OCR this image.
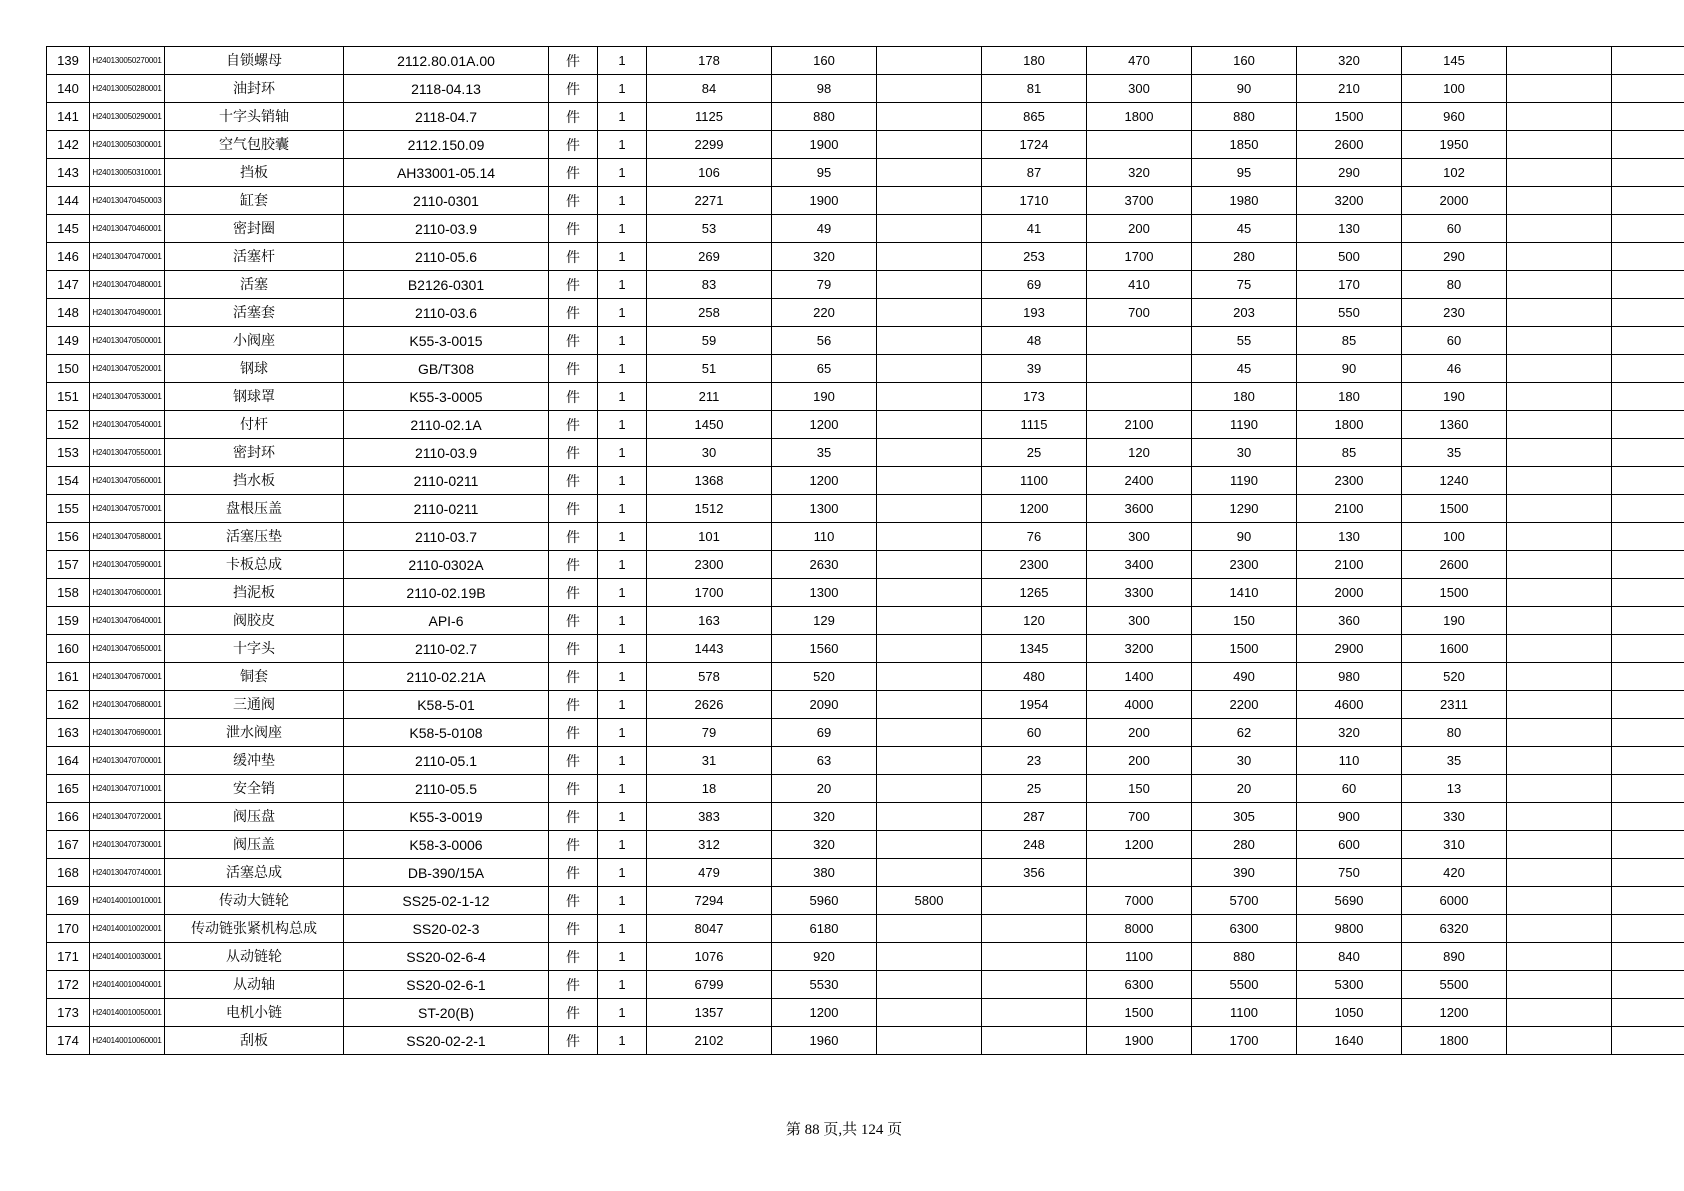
139	H240130050270001	自锁螺母	2112.80.01A.00	件	1	178	160		180	470	160	320	145		
140	H240130050280001	油封环	2118-04.13	件	1	84	98		81	300	90	210	100		
141	H240130050290001	十字头销轴	2118-04.7	件	1	1125	880		865	1800	880	1500	960		
142	H240130050300001	空气包胶囊	2112.150.09	件	1	2299	1900		1724		1850	2600	1950		
143	H240130050310001	挡板	AH33001-05.14	件	1	106	95		87	320	95	290	102		
144	H240130470450003	缸套	2110-0301	件	1	2271	1900		1710	3700	1980	3200	2000		
145	H240130470460001	密封圈	2110-03.9	件	1	53	49		41	200	45	130	60		
146	H240130470470001	活塞杆	2110-05.6	件	1	269	320		253	1700	280	500	290		
147	H240130470480001	活塞	B2126-0301	件	1	83	79		69	410	75	170	80		
148	H240130470490001	活塞套	2110-03.6	件	1	258	220		193	700	203	550	230		
149	H240130470500001	小阀座	K55-3-0015	件	1	59	56		48		55	85	60		
150	H240130470520001	钢球	GB/T308	件	1	51	65		39		45	90	46		
151	H240130470530001	钢球罩	K55-3-0005	件	1	211	190		173		180	180	190		
152	H240130470540001	付杆	2110-02.1A	件	1	1450	1200		1115	2100	1190	1800	1360		
153	H240130470550001	密封环	2110-03.9	件	1	30	35		25	120	30	85	35		
154	H240130470560001	挡水板	2110-0211	件	1	1368	1200		1100	2400	1190	2300	1240		
155	H240130470570001	盘根压盖	2110-0211	件	1	1512	1300		1200	3600	1290	2100	1500		
156	H240130470580001	活塞压垫	2110-03.7	件	1	101	110		76	300	90	130	100		
157	H240130470590001	卡板总成	2110-0302A	件	1	2300	2630		2300	3400	2300	2100	2600		
158	H240130470600001	挡泥板	2110-02.19B	件	1	1700	1300		1265	3300	1410	2000	1500		
159	H240130470640001	阀胶皮	API-6	件	1	163	129		120	300	150	360	190		
160	H240130470650001	十字头	2110-02.7	件	1	1443	1560		1345	3200	1500	2900	1600		
161	H240130470670001	铜套	2110-02.21A	件	1	578	520		480	1400	490	980	520		
162	H240130470680001	三通阀	K58-5-01	件	1	2626	2090		1954	4000	2200	4600	2311		
163	H240130470690001	泄水阀座	K58-5-0108	件	1	79	69		60	200	62	320	80		
164	H240130470700001	缓冲垫	2110-05.1	件	1	31	63		23	200	30	110	35		
165	H240130470710001	安全销	2110-05.5	件	1	18	20		25	150	20	60	13		
166	H240130470720001	阀压盘	K55-3-0019	件	1	383	320		287	700	305	900	330		
167	H240130470730001	阀压盖	K58-3-0006	件	1	312	320		248	1200	280	600	310		
168	H240130470740001	活塞总成	DB-390/15A	件	1	479	380		356		390	750	420		
169	H240140010010001	传动大链轮	SS25-02-1-12	件	1	7294	5960	5800		7000	5700	5690	6000		
170	H240140010020001	传动链张紧机构总成	SS20-02-3	件	1	8047	6180			8000	6300	9800	6320		
171	H240140010030001	从动链轮	SS20-02-6-4	件	1	1076	920			1100	880	840	890		
172	H240140010040001	从动轴	SS20-02-6-1	件	1	6799	5530			6300	5500	5300	5500		
173	H240140010050001	电机小链	ST-20(B)	件	1	1357	1200			1500	1100	1050	1200		
174	H240140010060001	刮板	SS20-02-2-1	件	1	2102	1960			1900	1700	1640	1800		
第 88 页,共 124 页
